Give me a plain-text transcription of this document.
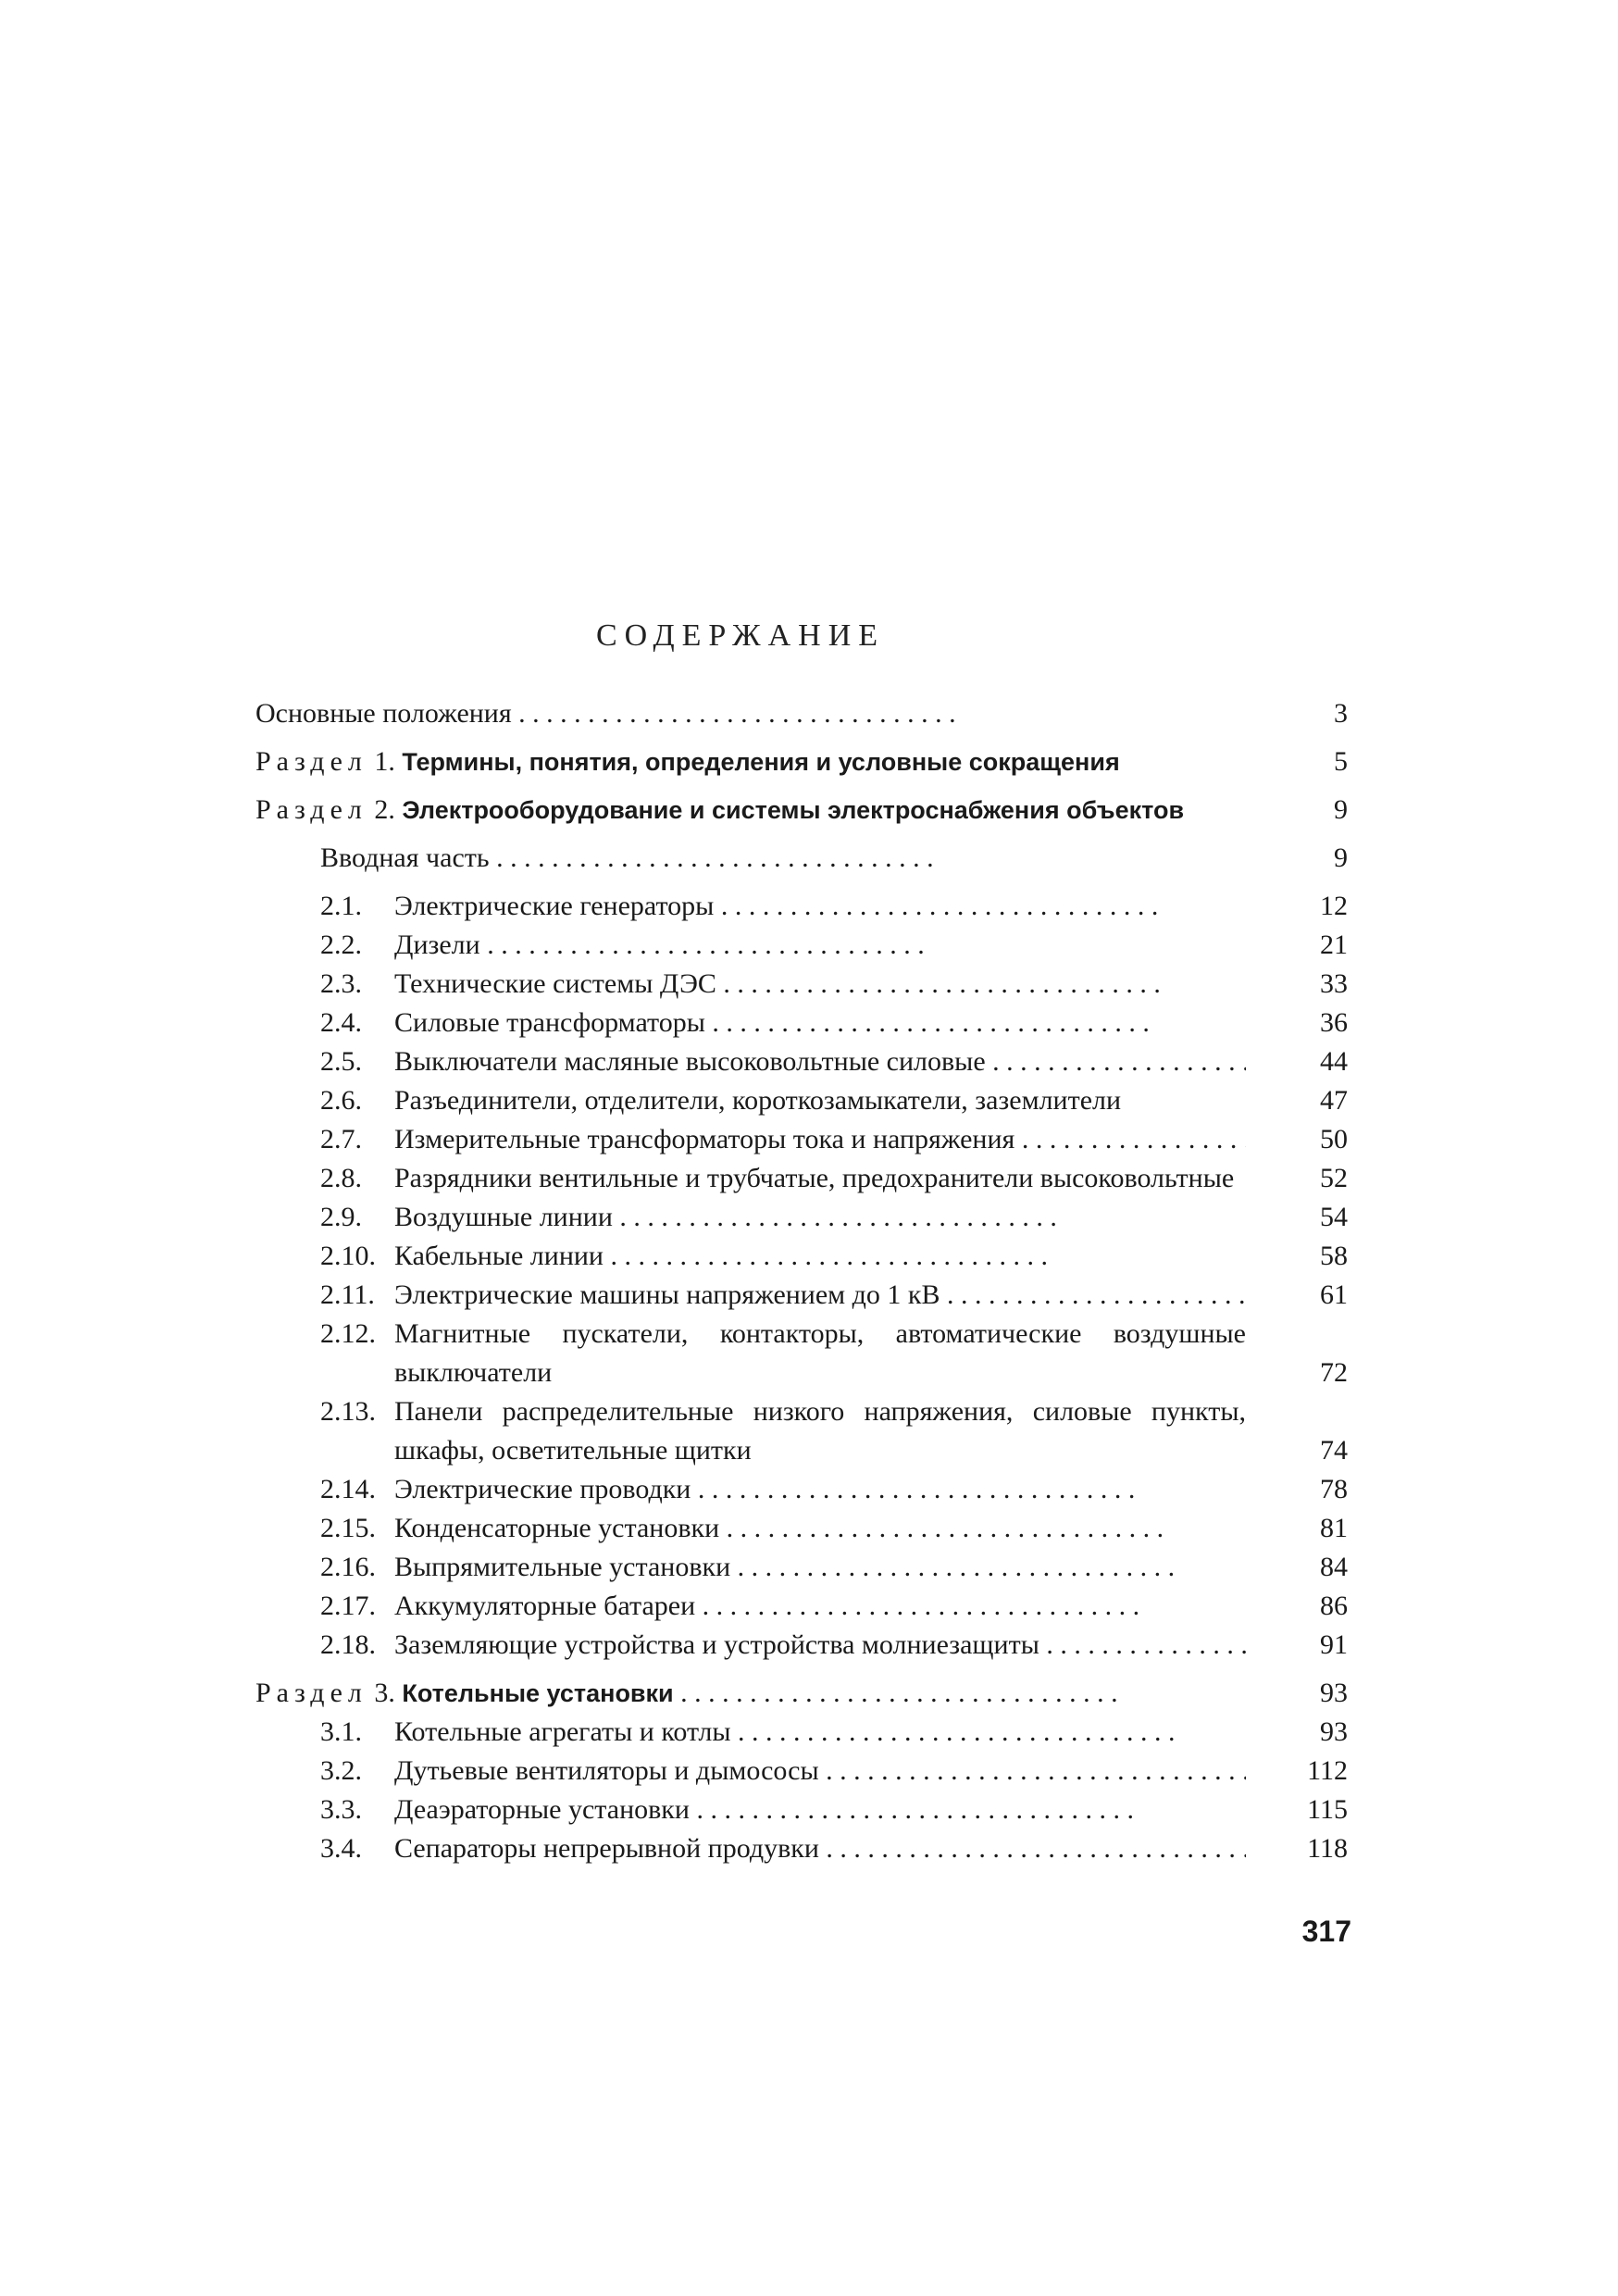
СОДЕРЖАНИЕ
Основные положения . .	3
Раздел 1. Термины, понятия, определения и условные сокращения	5
Раздел 2. Электрооборудование и системы электроснабжения объектов	9
Вводная часть . .	9
2.1.	Электрические генераторы . .	12
2.2.	Дизели . .	21
2.3.	Технические системы ДЭС . .	33
2.4.	Силовые трансформаторы . .	36
2.5.	Выключатели масляные высоковольтные силовые . .	44
2.6.	Разъединители, отделители, короткозамыкатели, заземлители	47
2.7.	Измерительные трансформаторы тока и напряжения . .	50
2.8.	Разрядники вентильные и трубчатые, предохранители высоковольтные	52
2.9.	Воздушные линии . .	54
2.10. Кабельные линии . .	58
2.11. Электрические машины напряжением до 1 кВ . .	61
2.12. Магнитные пускатели, контакторы, автоматические воздушные выключатели	72
2.13. Панели распределительные низкого напряжения, силовые пункты, шкафы, осветительные щитки	74
2.14. Электрические проводки . .	78
2.15. Конденсаторные установки . .	81
2.16. Выпрямительные установки . .	84
2.17. Аккумуляторные батареи . .	86
2.18. Заземляющие устройства и устройства молниезащиты . .	91
Раздел 3. Котельные установки . .	93
3.1.	Котельные агрегаты и котлы . .	93
3.2.	Дутьевые вентиляторы и дымососы . .	112
3.3.	Деаэраторные установки . .	115
3.4.	Сепараторы непрерывной продувки . .	118
317
